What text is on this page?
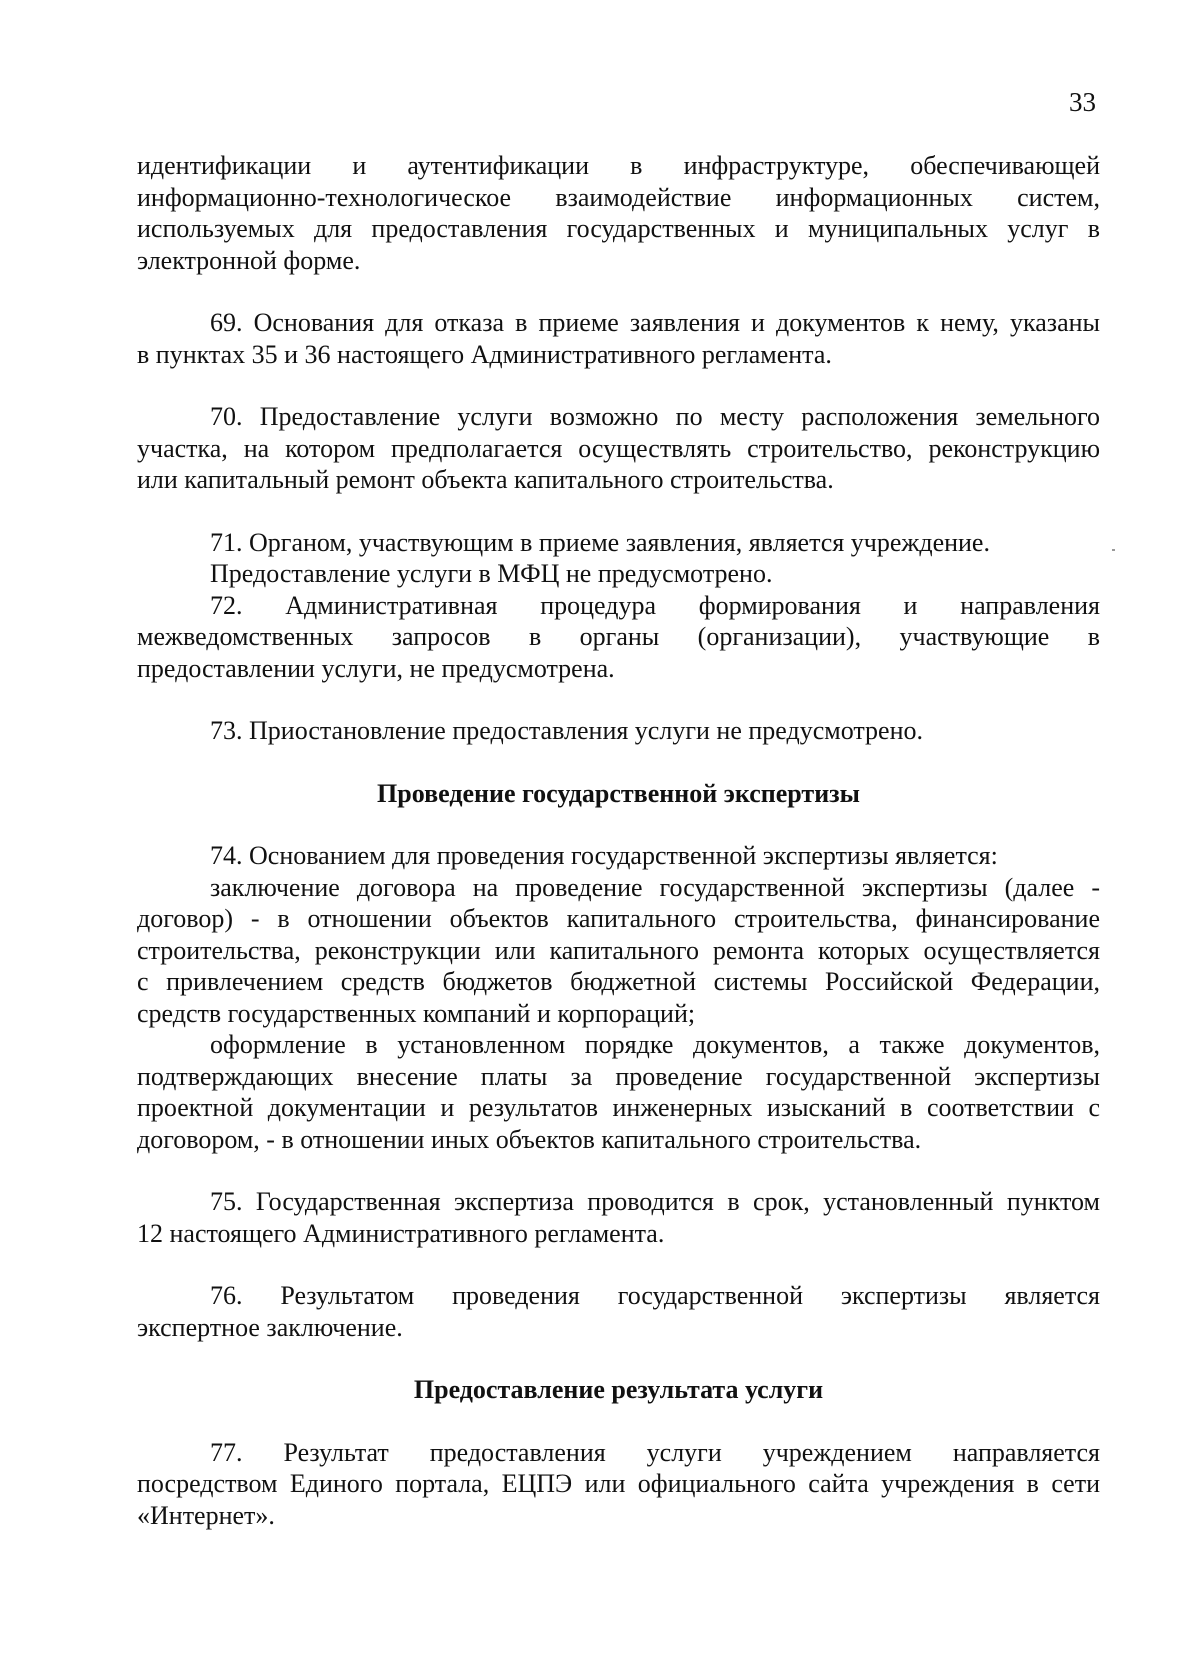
33
идентификации и аутентификации в инфраструктуре, обеспечивающей
информационно-технологическое взаимодействие информационных систем,
используемых для предоставления государственных и муниципальных услуг в
электронной форме.
69. Основания для отказа в приеме заявления и документов к нему, указаны
в пунктах 35 и 36 настоящего Административного регламента.
70. Предоставление услуги возможно по месту расположения земельного
участка, на котором предполагается осуществлять строительство, реконструкцию
или капитальный ремонт объекта капитального строительства.
71. Органом, участвующим в приеме заявления, является учреждение.
Предоставление услуги в МФЦ не предусмотрено.
72. Административная процедура формирования и направления
межведомственных запросов в органы (организации), участвующие в
предоставлении услуги, не предусмотрена.
73. Приостановление предоставления услуги не предусмотрено.
Проведение государственной экспертизы
74. Основанием для проведения государственной экспертизы является:
заключение договора на проведение государственной экспертизы (далее -
договор) - в отношении объектов капитального строительства, финансирование
строительства, реконструкции или капитального ремонта которых осуществляется
с привлечением средств бюджетов бюджетной системы Российской Федерации,
средств государственных компаний и корпораций;
оформление в установленном порядке документов, а также документов,
подтверждающих внесение платы за проведение государственной экспертизы
проектной документации и результатов инженерных изысканий в соответствии с
договором, - в отношении иных объектов капитального строительства.
75. Государственная экспертиза проводится в срок, установленный пунктом
12 настоящего Административного регламента.
76. Результатом проведения государственной экспертизы является
экспертное заключение.
Предоставление результата услуги
77. Результат предоставления услуги учреждением направляется
посредством Единого портала, ЕЦПЭ или официального сайта учреждения в сети
«Интернет».
